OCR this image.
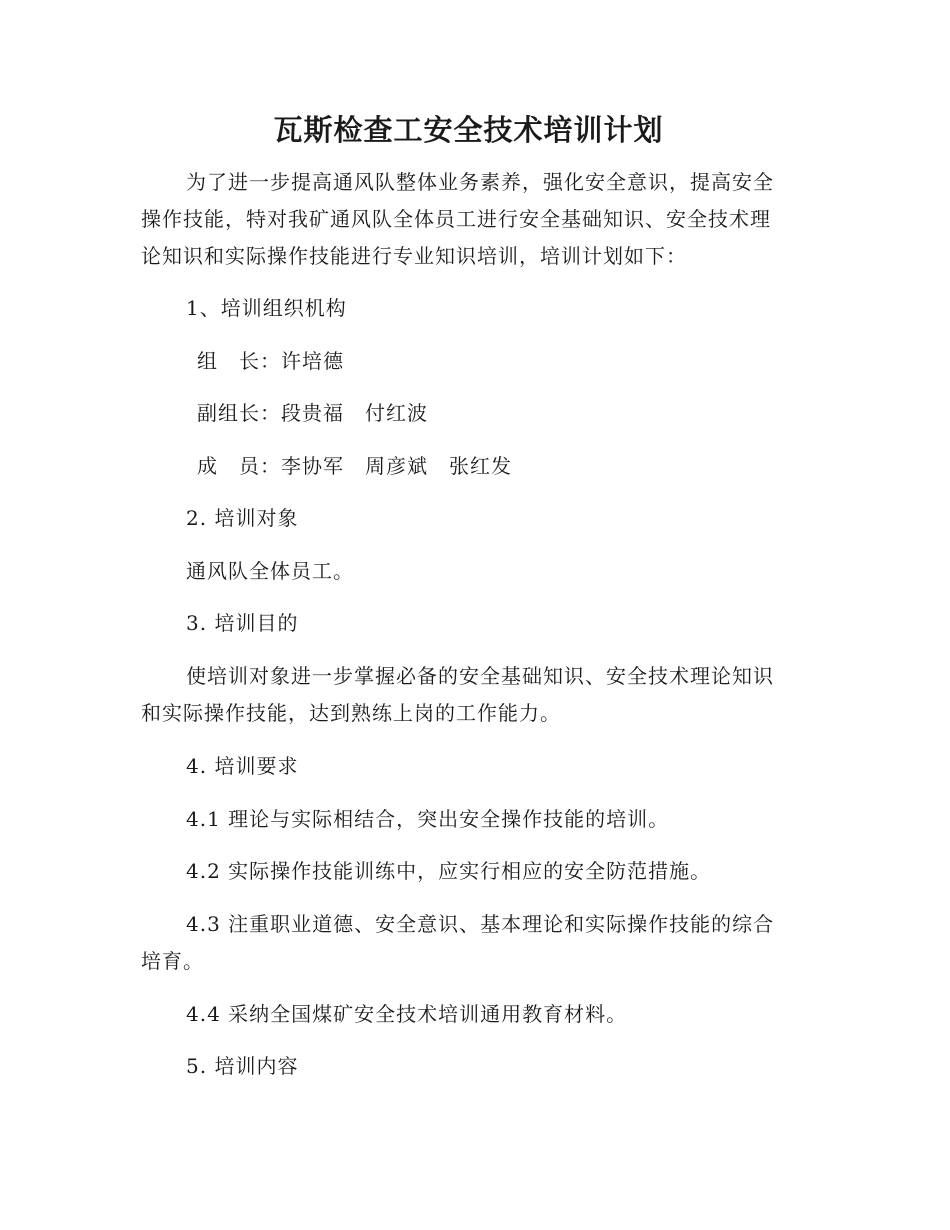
瓦斯检查工安全技术培训计划
为了进一步提高通风队整体业务素养，强化安全意识，提高安全
操作技能，特对我矿通风队全体员工进行安全基础知识、安全技术理
论知识和实际操作技能进行专业知识培训，培训计划如下：
1、培训组织机构
组　长：许培德
副组长：段贵福　付红波
成　员：李协军　周彦斌　张红发
2. 培训对象
通风队全体员工。
3. 培训目的
使培训对象进一步掌握必备的安全基础知识、安全技术理论知识
和实际操作技能，达到熟练上岗的工作能力。
4. 培训要求
4.1 理论与实际相结合，突出安全操作技能的培训。
4.2 实际操作技能训练中，应实行相应的安全防范措施。
4.3 注重职业道德、安全意识、基本理论和实际操作技能的综合
培育。
4.4 采纳全国煤矿安全技术培训通用教育材料。
5. 培训内容
